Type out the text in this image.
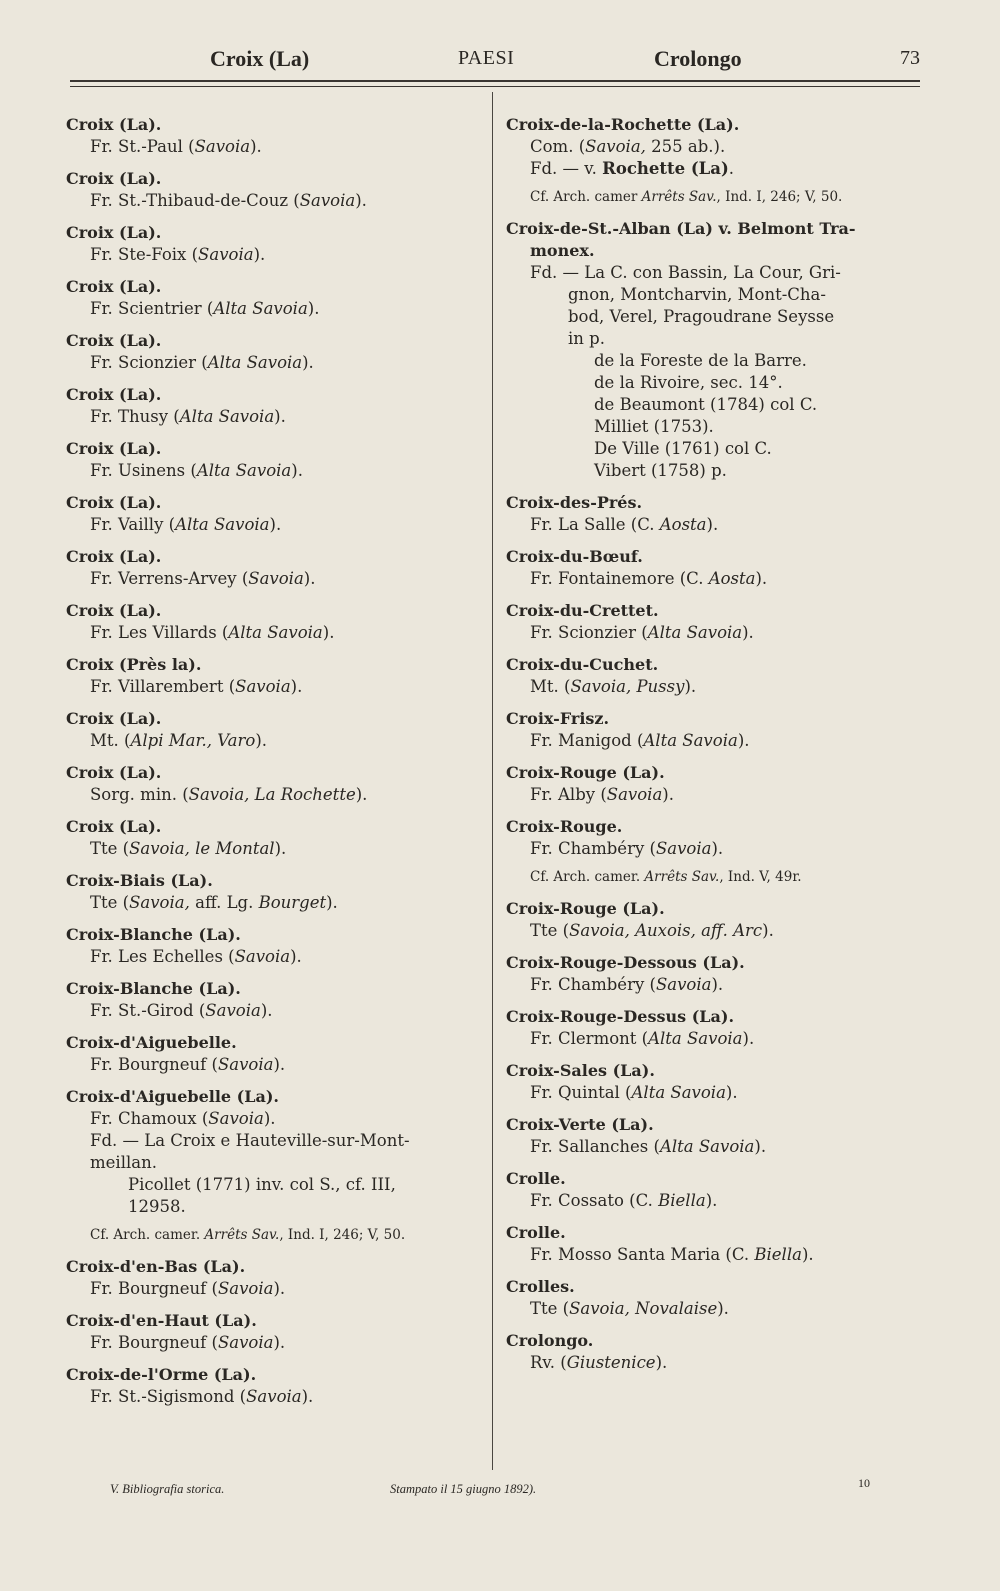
Croix (La)	PAESI	Crolongo	73
Croix (La).
Fr. St.-Paul (Savoia).
Croix (La).
Fr. St.-Thibaud-de-Couz (Savoia).
Croix (La).
Fr. Ste-Foix (Savoia).
Croix (La).
Fr. Scientrier (Alta Savoia).
Croix (La).
Fr. Scionzier (Alta Savoia).
Croix (La).
Fr. Thusy (Alta Savoia).
Croix (La).
Fr. Usinens (Alta Savoia).
Croix (La).
Fr. Vailly (Alta Savoia).
Croix (La).
Fr. Verrens-Arvey (Savoia).
Croix (La).
Fr. Les Villards (Alta Savoia).
Croix (Près la).
Fr. Villarembert (Savoia).
Croix (La).
Mt. (Alpi Mar., Varo).
Croix (La).
Sorg. min. (Savoia, La Rochette).
Croix (La).
Tte (Savoia, le Montal).
Croix-Biais (La).
Tte (Savoia, aff. Lg. Bourget).
Croix-Blanche (La).
Fr. Les Echelles (Savoia).
Croix-Blanche (La).
Fr. St.-Girod (Savoia).
Croix-d'Aiguebelle.
Fr. Bourgneuf (Savoia).
Croix-d'Aiguebelle (La).
Fr. Chamoux (Savoia).
Fd. — La Croix e Hauteville-sur-Mont-
meillan.
Picollet (1771) inv. col S., cf. III,
12958.
Cf. Arch. camer. Arrêts Sav., Ind. I, 246; V, 50.
Croix-d'en-Bas (La).
Fr. Bourgneuf (Savoia).
Croix-d'en-Haut (La).
Fr. Bourgneuf (Savoia).
Croix-de-l'Orme (La).
Fr. St.-Sigismond (Savoia).
Croix-de-la-Rochette (La).
Com. (Savoia, 255 ab.).
Fd. — v. Rochette (La).
Cf. Arch. camer Arrêts Sav., Ind. I, 246; V, 50.
Croix-de-St.-Alban (La) v. Belmont Tra-
monex.
Fd. — La C. con Bassin, La Cour, Gri-
gnon, Montcharvin, Mont-Cha-
bod, Verel, Pragoudrane Seysse
in p.
de la Foreste de la Barre.
de la Rivoire, sec. 14°.
de Beaumont (1784) col C.
Milliet (1753).
De Ville (1761) col C.
Vibert (1758) p.
Croix-des-Prés.
Fr. La Salle (C. Aosta).
Croix-du-Bœuf.
Fr. Fontainemore (C. Aosta).
Croix-du-Crettet.
Fr. Scionzier (Alta Savoia).
Croix-du-Cuchet.
Mt. (Savoia, Pussy).
Croix-Frisz.
Fr. Manigod (Alta Savoia).
Croix-Rouge (La).
Fr. Alby (Savoia).
Croix-Rouge.
Fr. Chambéry (Savoia).
Cf. Arch. camer. Arrêts Sav., Ind. V, 49r.
Croix-Rouge (La).
Tte (Savoia, Auxois, aff. Arc).
Croix-Rouge-Dessous (La).
Fr. Chambéry (Savoia).
Croix-Rouge-Dessus (La).
Fr. Clermont (Alta Savoia).
Croix-Sales (La).
Fr. Quintal (Alta Savoia).
Croix-Verte (La).
Fr. Sallanches (Alta Savoia).
Crolle.
Fr. Cossato (C. Biella).
Crolle.
Fr. Mosso Santa Maria (C. Biella).
Crolles.
Tte (Savoia, Novalaise).
Crolongo.
Rv. (Giustenice).
V. Bibliografia storica.	Stampato il 15 giugno 1892).	10
